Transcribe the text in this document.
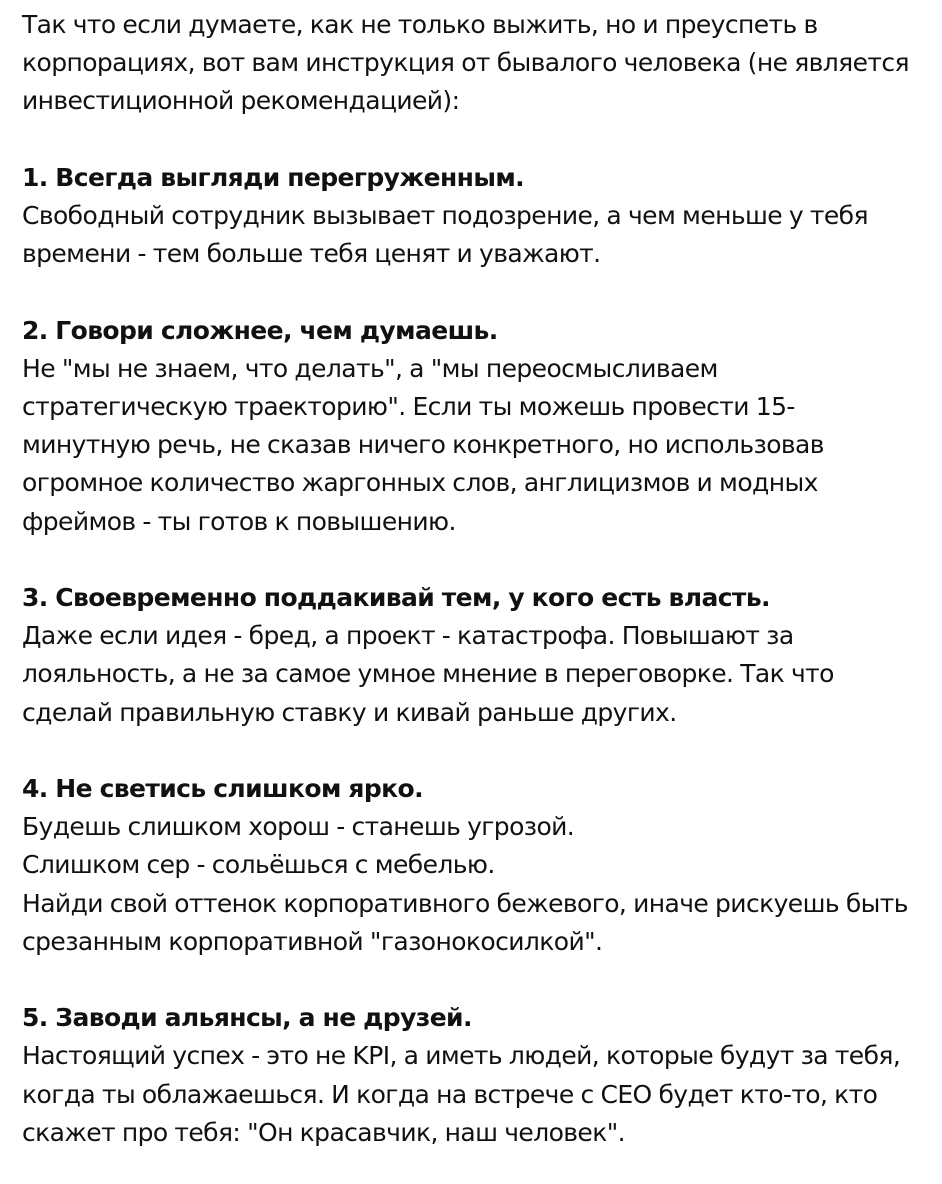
Так что если думаете, как не только выжить, но и преуспеть в корпорациях, вот вам инструкция от бывалого человека (не является инвестиционной рекомендацией):

1. Всегда выгляди перегруженным.

Свободный сотрудник вызывает подозрение, а чем меньше у тебя времени - тем больше тебя ценят и уважают.

2. Говори сложнее, чем думаешь.

Не "мы не знаем, что делать", а "мы переосмысливаем стратегическую траекторию". Если ты можешь провести 15-минутную речь, не сказав ничего конкретного, но использовав огромное количество жаргонных слов, англицизмов и модных фреймов - ты готов к повышению.

3. Своевременно поддакивай тем, у кого есть власть.

Даже если идея - бред, а проект - катастрофа. Повышают за лояльность, а не за самое умное мнение в переговорке. Так что сделай правильную ставку и кивай раньше других.

4. Не светись слишком ярко.

Будешь слишком хорош - станешь угрозой.

Слишком сер - сольёшься с мебелью.

Найди свой оттенок корпоративного бежевого, иначе рискуешь быть срезанным корпоративной "газонокосилкой".

5. Заводи альянсы, а не друзей.

Настоящий успех - это не KPI, а иметь людей, которые будут за тебя, когда ты облажаешься. И когда на встрече с CEO будет кто-то, кто скажет про тебя: "Он красавчик, наш человек".
